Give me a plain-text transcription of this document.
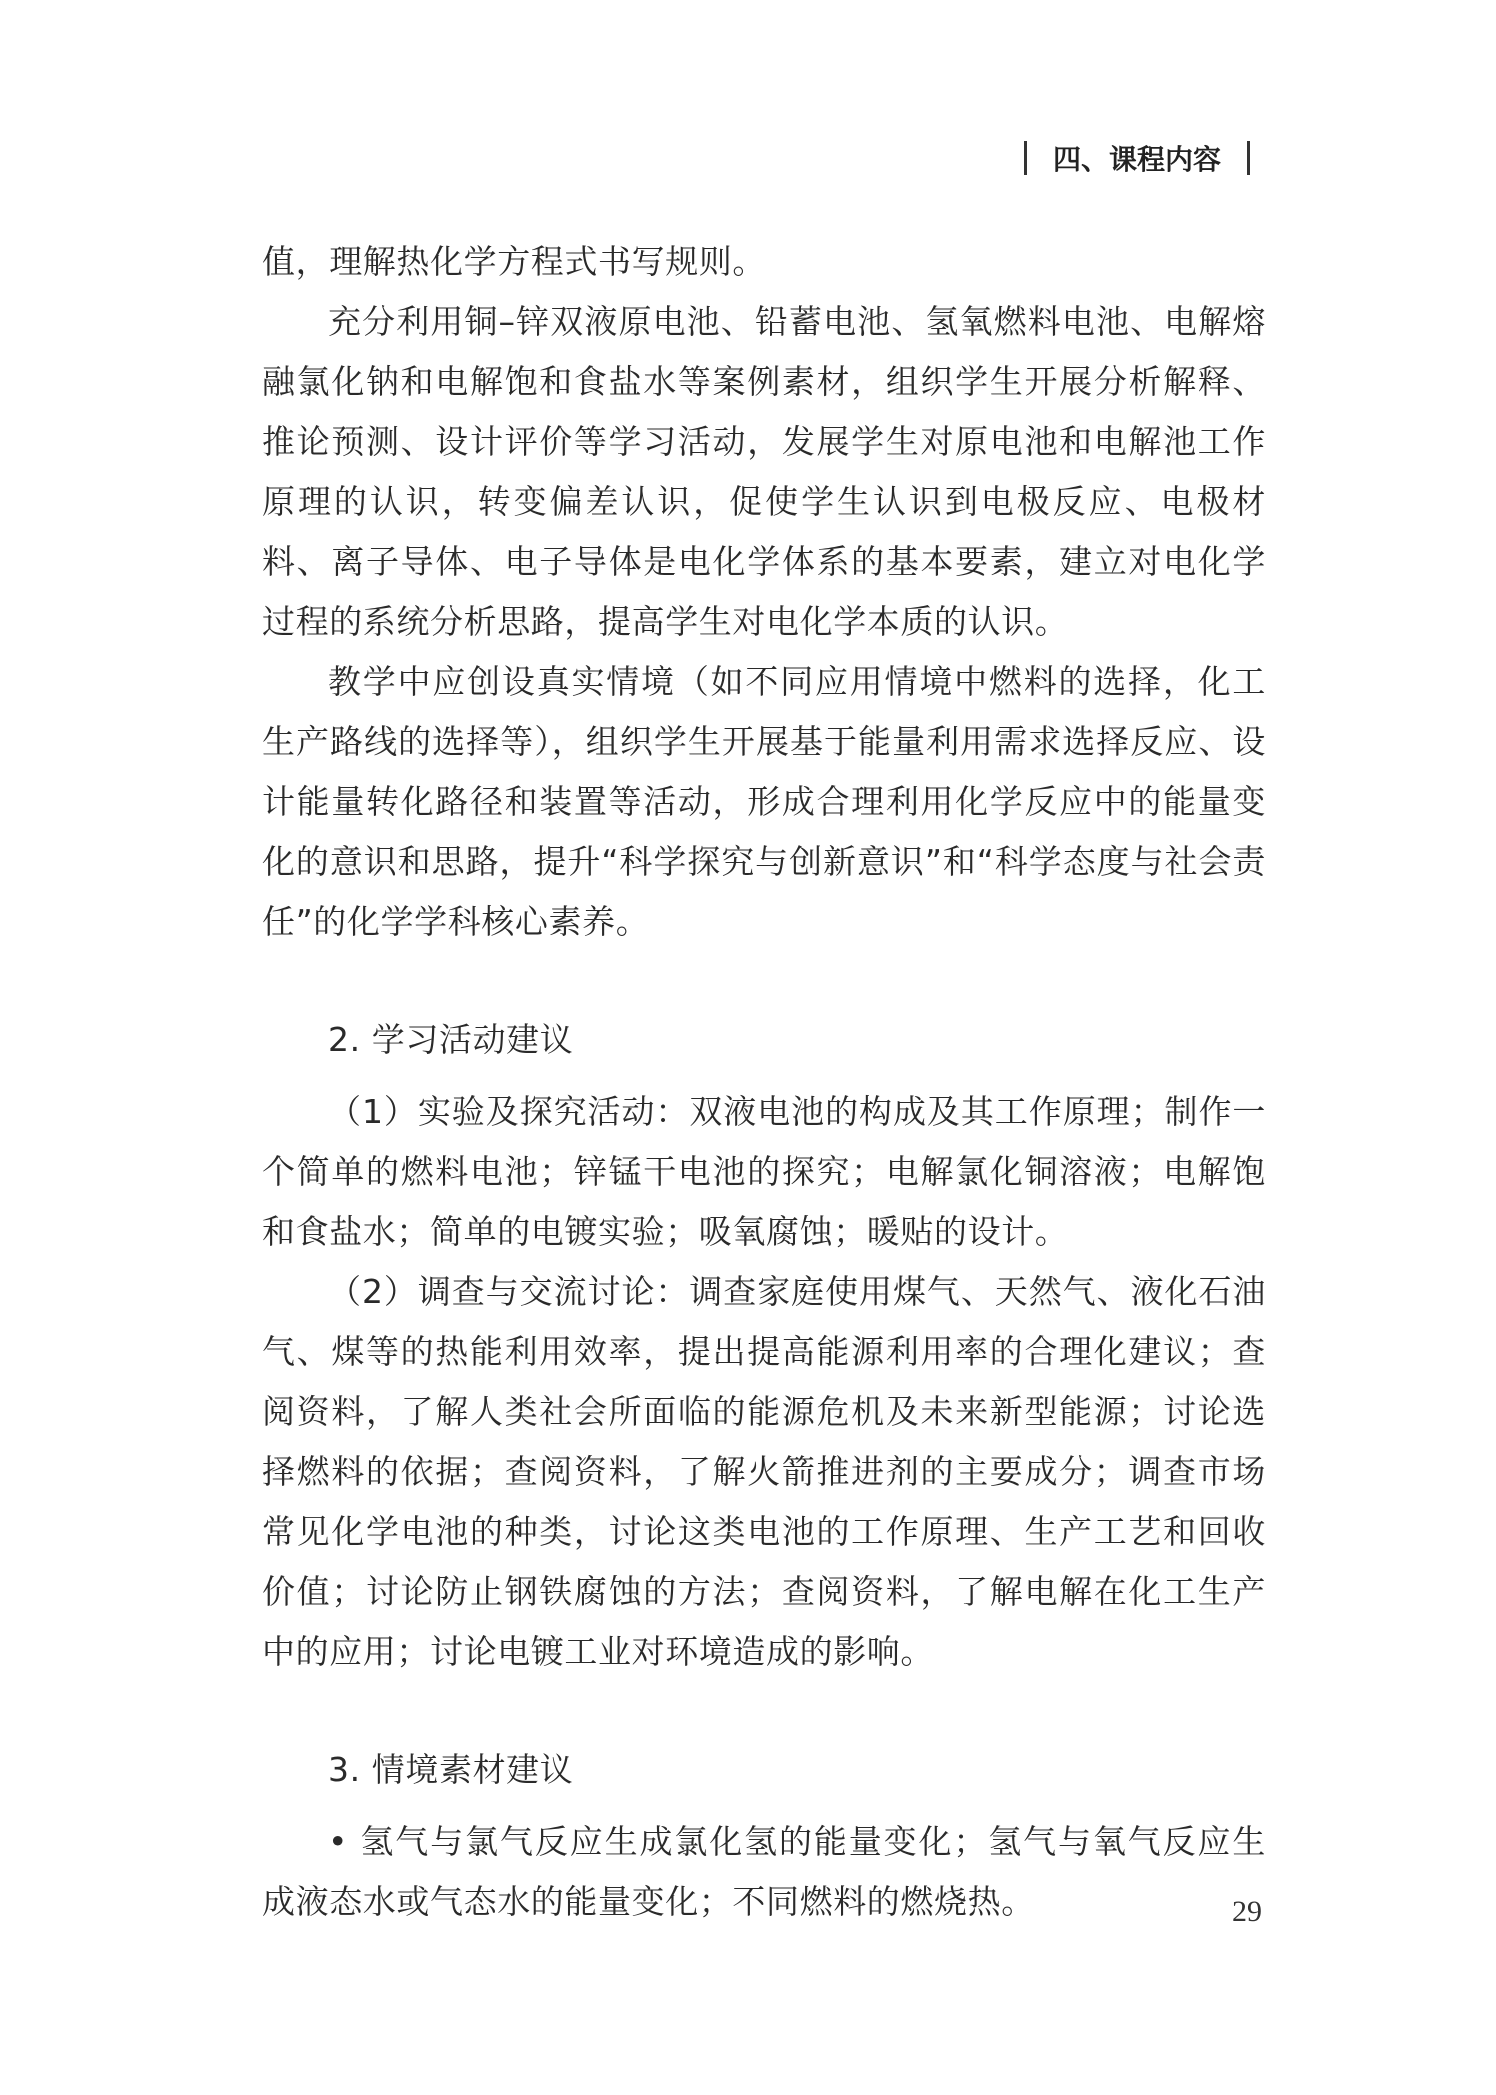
四、课程内容

值，理解热化学方程式书写规则。

充分利用铜–锌双液原电池、铅蓄电池、氢氧燃料电池、电解熔融氯化钠和电解饱和食盐水等案例素材，组织学生开展分析解释、推论预测、设计评价等学习活动，发展学生对原电池和电解池工作原理的认识，转变偏差认识，促使学生认识到电极反应、电极材料、离子导体、电子导体是电化学体系的基本要素，建立对电化学过程的系统分析思路，提高学生对电化学本质的认识。

教学中应创设真实情境（如不同应用情境中燃料的选择，化工生产路线的选择等），组织学生开展基于能量利用需求选择反应、设计能量转化路径和装置等活动，形成合理利用化学反应中的能量变化的意识和思路，提升“科学探究与创新意识”和“科学态度与社会责任”的化学学科核心素养。

2. 学习活动建议

（1）实验及探究活动：双液电池的构成及其工作原理；制作一个简单的燃料电池；锌锰干电池的探究；电解氯化铜溶液；电解饱和食盐水；简单的电镀实验；吸氧腐蚀；暖贴的设计。

（2）调查与交流讨论：调查家庭使用煤气、天然气、液化石油气、煤等的热能利用效率，提出提高能源利用率的合理化建议；查阅资料，了解人类社会所面临的能源危机及未来新型能源；讨论选择燃料的依据；查阅资料，了解火箭推进剂的主要成分；调查市场常见化学电池的种类，讨论这类电池的工作原理、生产工艺和回收价值；讨论防止钢铁腐蚀的方法；查阅资料，了解电解在化工生产中的应用；讨论电镀工业对环境造成的影响。

3. 情境素材建议

• 氢气与氯气反应生成氯化氢的能量变化；氢气与氧气反应生成液态水或气态水的能量变化；不同燃料的燃烧热。	29
